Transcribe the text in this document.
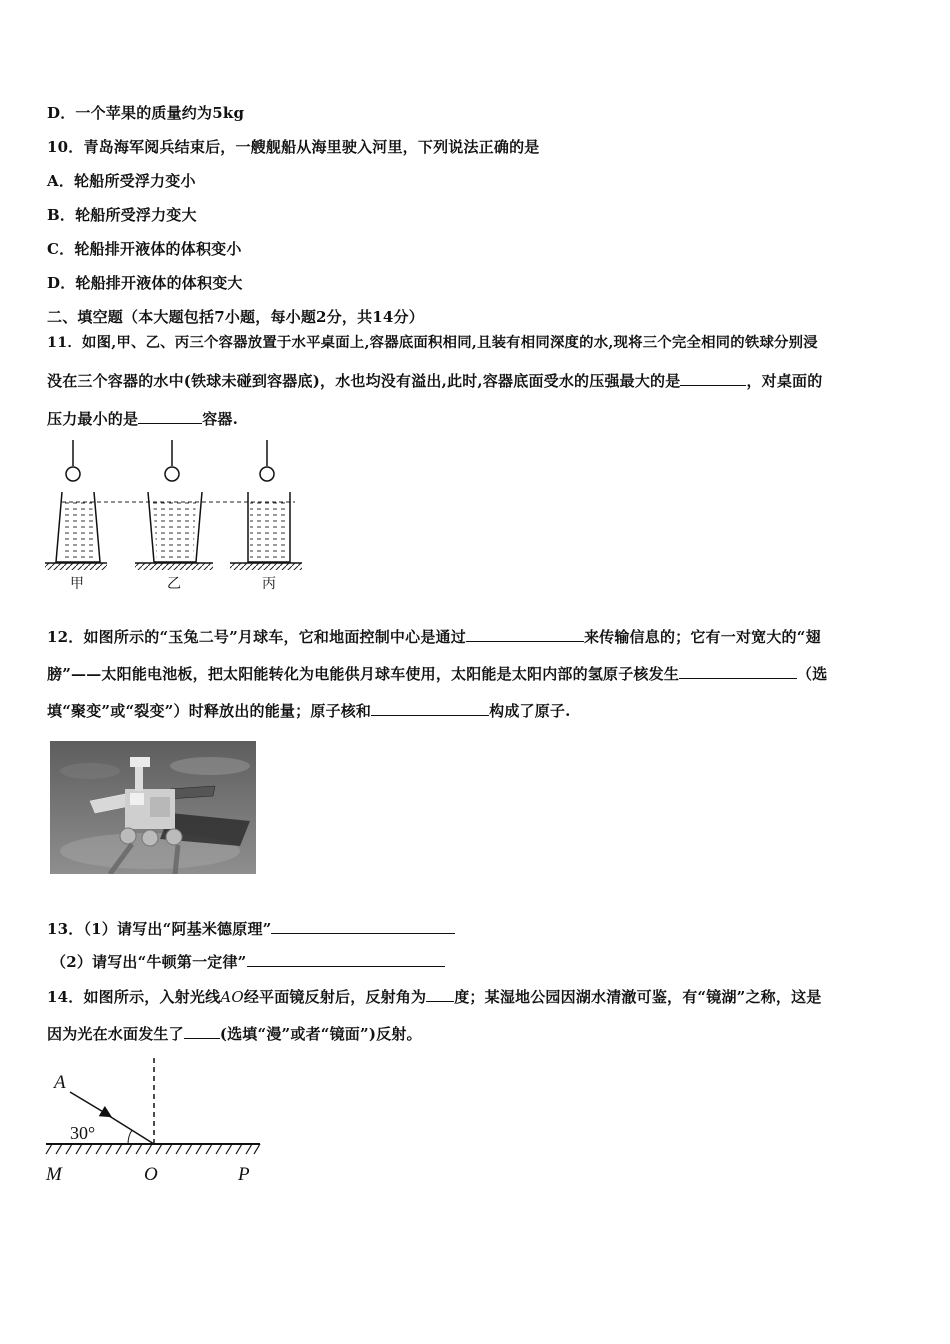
D．一个苹果的质量约为5kg
10．青岛海军阅兵结束后，一艘舰船从海里驶入河里，下列说法正确的是
A．轮船所受浮力变小
B．轮船所受浮力变大
C．轮船排开液体的体积变小
D．轮船排开液体的体积变大
二、填空题（本大题包括7小题，每小题2分，共14分）
11．如图,甲、乙、丙三个容器放置于水平桌面上,容器底面积相同,且装有相同深度的水,现将三个完全相同的铁球分别浸
没在三个容器的水中(铁球未碰到容器底)，水也均没有溢出,此时,容器底面受水的压强最大的是	，对桌面的
压力最小的是	容器.
甲	乙	丙
12．如图所示的“玉兔二号”月球车，它和地面控制中心是通过	来传输信息的；它有一对宽大的“翅
膀”——太阳能电池板，把太阳能转化为电能供月球车使用，太阳能是太阳内部的氢原子核发生	（选
填“聚变”或“裂变”）时释放出的能量；原子核和	构成了原子.
13．（1）请写出“阿基米德原理”
（2）请写出“牛顿第一定律”
14．如图所示，入射光线AO经平面镜反射后，反射角为 度；某湿地公园因湖水清澈可鉴，有“镜湖”之称，这是
因为光在水面发生了 (选填“漫”或者“镜面”)反射。
A
30°
M	O	P
